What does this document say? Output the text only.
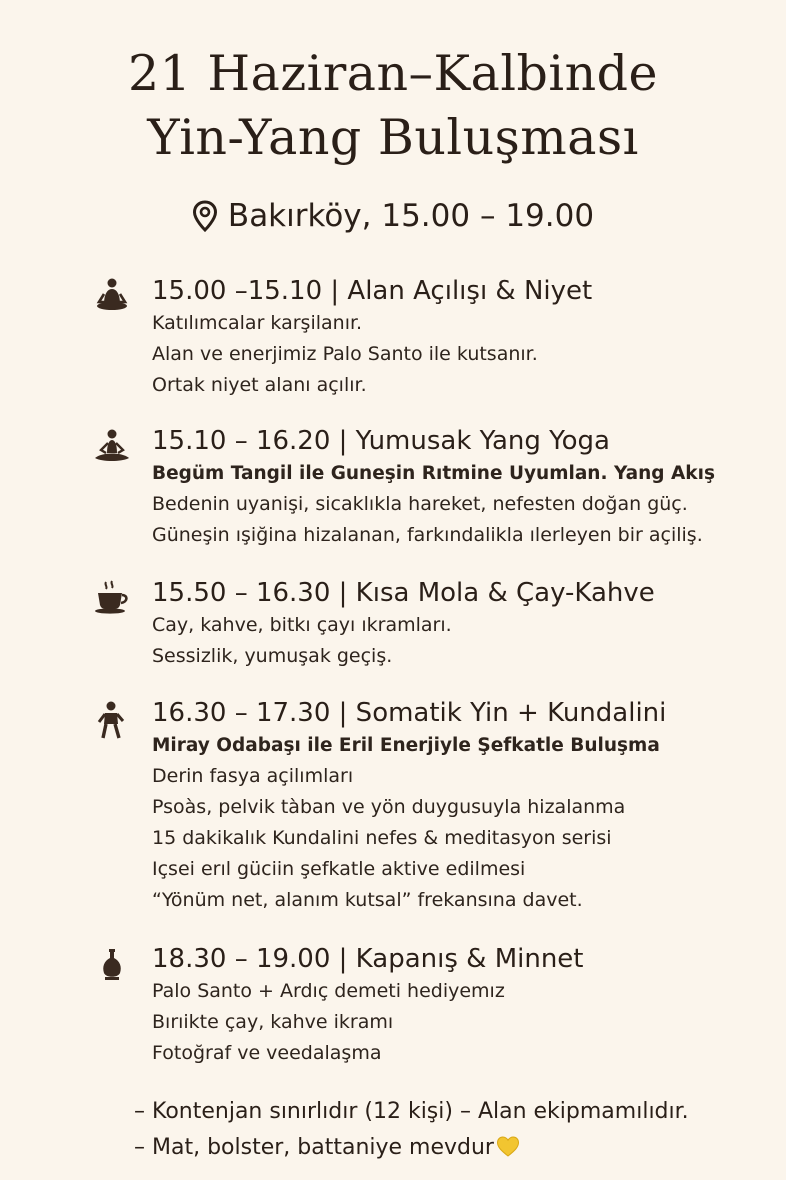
21 Haziran–Kalbinde
Yin-Yang Buluşması
Bakırköy, 15.00 – 19.00
15.00 –15.10 | Alan Açılışı & Niyet
Katılımcalar karşilanır.
Alan ve enerjimiz Palo Santo ile kutsanır.
Ortak niyet alanı açılır.
15.10 – 16.20 | Yumusak Yang Yoga
Begüm Tangil ile Guneşin Rıtmine Uyumlan. Yang Akış
Bedenin uyanişi, sicaklıkla hareket, nefesten doğan güç.
Güneşin ışiğina hizalanan, farkındalikla ılerleyen bir açiliş.
15.50 – 16.30 | Kısa Mola & Çay-Kahve
Cay, kahve, bitkı çayı ıkramları.
Sessizlik, yumuşak geçiş.
16.30 – 17.30 | Somatik Yin + Kundalini
Miray Odabaşı ile Eril Enerjiyle Şefkatle Buluşma
Derin fasya açilımları
Psoàs, pelvik tàban ve yön duygusuyla hizalanma
15 dakikalık Kundalini nefes & meditasyon serisi
Içsei erıl güciin şefkatle aktive edilmesi
“Yönüm net, alanım kutsal” frekansına davet.
18.30 – 19.00 | Kapanış & Minnet
Palo Santo + Ardıç demeti hediyemız
Bırıikte çay, kahve ikramı
Fotoğraf ve veedalaşma
– Kontenjan sınırlıdır (12 kişi) – Alan ekipmamılıdır.
– Mat, bolster, battaniye mevdur
